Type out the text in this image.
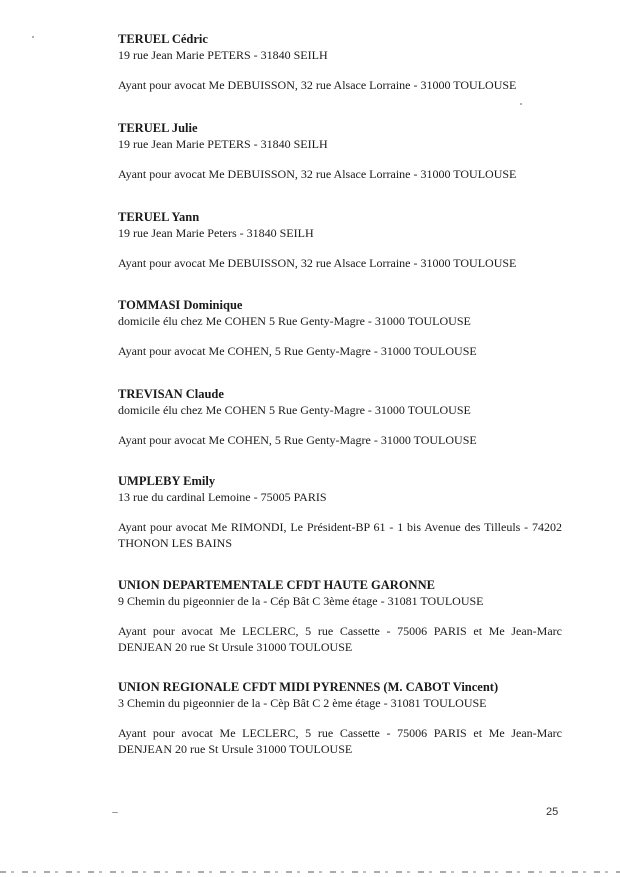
TERUEL Cédric

19 rue Jean Marie PETERS - 31840 SEILH

Ayant pour avocat Me DEBUISSON, 32 rue Alsace Lorraine - 31000 TOULOUSE

TERUEL Julie

19 rue Jean Marie PETERS - 31840 SEILH

Ayant pour avocat Me DEBUISSON, 32 rue Alsace Lorraine - 31000 TOULOUSE

TERUEL Yann

19 rue Jean Marie Peters - 31840 SEILH

Ayant pour avocat Me DEBUISSON, 32 rue Alsace Lorraine - 31000 TOULOUSE

TOMMASI Dominique

domicile élu chez Me COHEN 5 Rue Genty-Magre - 31000 TOULOUSE

Ayant pour avocat Me COHEN, 5 Rue Genty-Magre - 31000 TOULOUSE

TREVISAN Claude

domicile élu chez Me COHEN 5 Rue Genty-Magre - 31000 TOULOUSE

Ayant pour avocat Me COHEN, 5 Rue Genty-Magre - 31000 TOULOUSE

UMPLEBY Emily

13 rue du cardinal Lemoine - 75005 PARIS

Ayant pour avocat Me RIMONDI, Le Président-BP 61 - 1 bis Avenue des Tilleuls - 74202 THONON LES BAINS

UNION DEPARTEMENTALE CFDT HAUTE GARONNE

9 Chemin du pigeonnier de la - Cép Bât C 3ème étage - 31081 TOULOUSE

Ayant pour avocat Me LECLERC, 5 rue Cassette - 75006 PARIS et Me Jean-Marc DENJEAN 20 rue St Ursule 31000 TOULOUSE

UNION REGIONALE CFDT MIDI PYRENNES (M. CABOT Vincent)

3 Chemin du pigeonnier de la - Cèp Bât C 2 ème étage - 31081 TOULOUSE

Ayant pour avocat Me LECLERC, 5 rue Cassette - 75006 PARIS et Me Jean-Marc DENJEAN 20 rue St Ursule 31000 TOULOUSE

25
